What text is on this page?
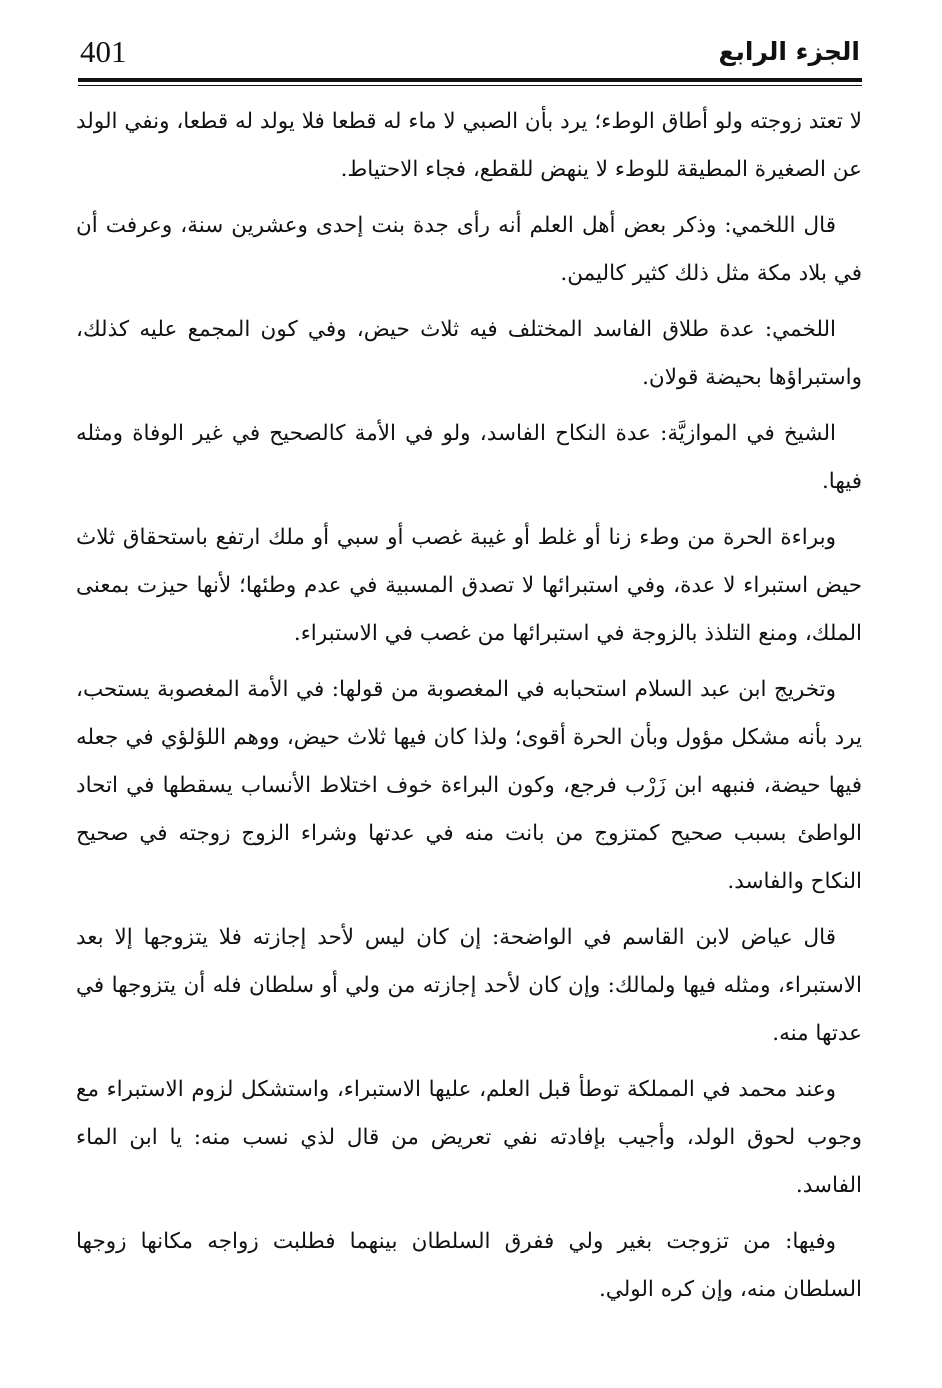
401	الجزء الرابع

لا تعتد زوجته ولو أطاق الوطء؛ يرد بأن الصبي لا ماء له قطعا فلا يولد له قطعا، ونفي الولد عن الصغيرة المطيقة للوطء لا ينهض للقطع، فجاء الاحتياط.

قال اللخمي: وذكر بعض أهل العلم أنه رأى جدة بنت إحدى وعشرين سنة، وعرفت أن في بلاد مكة مثل ذلك كثير كاليمن.

اللخمي: عدة طلاق الفاسد المختلف فيه ثلاث حيض، وفي كون المجمع عليه كذلك، واستبراؤها بحيضة قولان.

الشيخ في الموازيَّة: عدة النكاح الفاسد، ولو في الأمة كالصحيح في غير الوفاة ومثله فيها.

وبراءة الحرة من وطء زنا أو غلط أو غيبة غصب أو سبي أو ملك ارتفع باستحقاق ثلاث حيض استبراء لا عدة، وفي استبرائها لا تصدق المسبية في عدم وطئها؛ لأنها حيزت بمعنى الملك، ومنع التلذذ بالزوجة في استبرائها من غصب في الاستبراء.

وتخريج ابن عبد السلام استحبابه في المغصوبة من قولها: في الأمة المغصوبة يستحب، يرد بأنه مشكل مؤول وبأن الحرة أقوى؛ ولذا كان فيها ثلاث حيض، ووهم اللؤلؤي في جعله فيها حيضة، فنبهه ابن زَرْب فرجع، وكون البراءة خوف اختلاط الأنساب يسقطها في اتحاد الواطئ بسبب صحيح كمتزوج من بانت منه في عدتها وشراء الزوج زوجته في صحيح النكاح والفاسد.

قال عياض لابن القاسم في الواضحة: إن كان ليس لأحد إجازته فلا يتزوجها إلا بعد الاستبراء، ومثله فيها ولمالك: وإن كان لأحد إجازته من ولي أو سلطان فله أن يتزوجها في عدتها منه.

وعند محمد في المملكة توطأ قبل العلم، عليها الاستبراء، واستشكل لزوم الاستبراء مع وجوب لحوق الولد، وأجيب بإفادته نفي تعريض من قال لذي نسب منه: يا ابن الماء الفاسد.

وفيها: من تزوجت بغير ولي ففرق السلطان بينهما فطلبت زواجه مكانها زوجها السلطان منه، وإن كره الولي.
